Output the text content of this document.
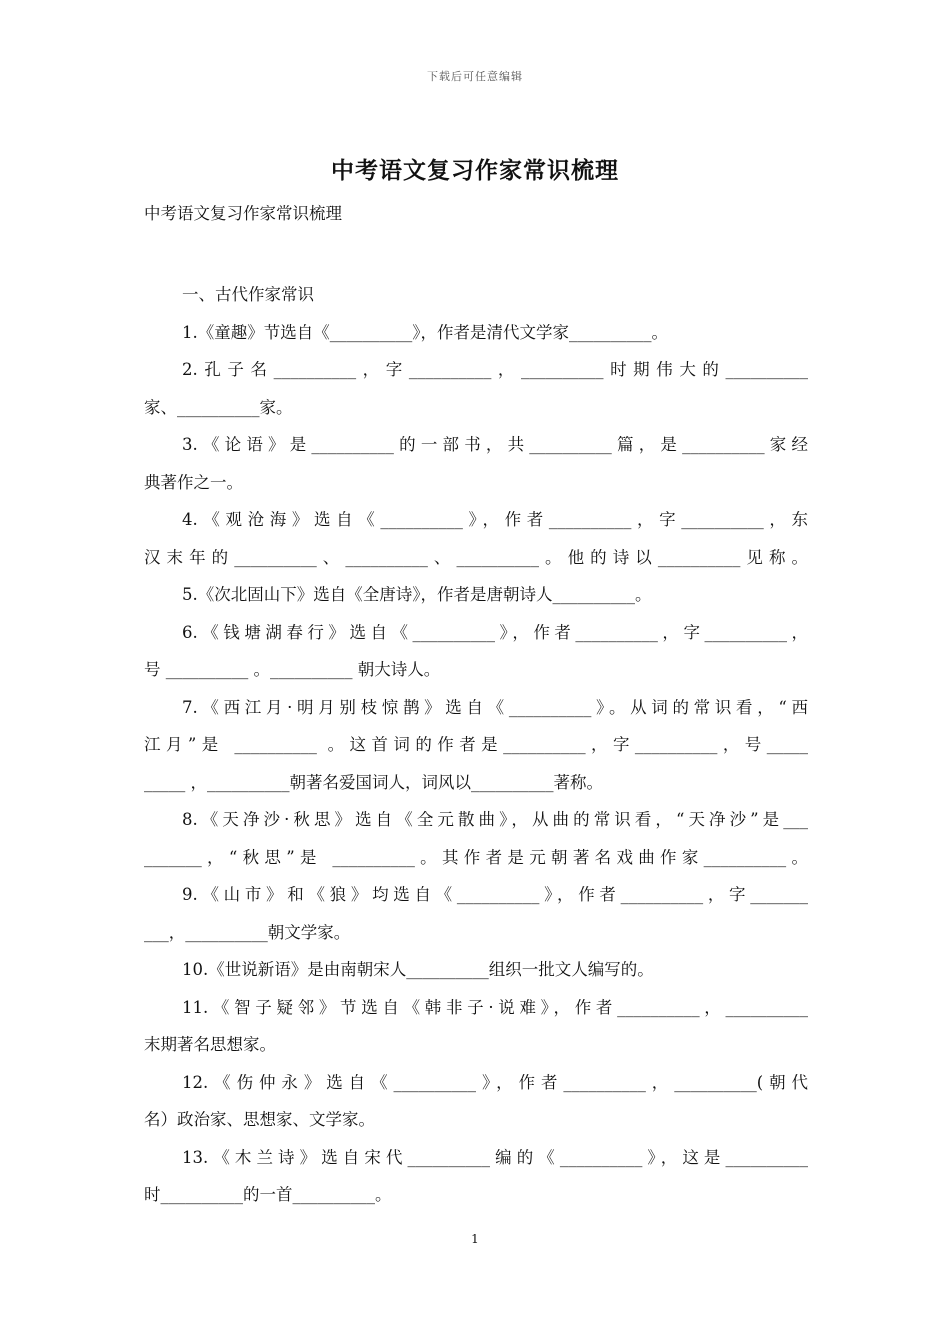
下载后可任意编辑
中考语文复习作家常识梳理
中考语文复习作家常识梳理
一、古代作家常识
1.《童趣》节选自《__________》，作者是清代文学家__________。
2.孔子名__________，字__________，__________时期伟大的__________
家、__________家。
3.《论语》是__________的一部书，共__________篇，是__________家经
典著作之一。
4.《观沧海》选自《__________》，作者__________，字__________，东
汉末年的__________、__________、__________。他的诗以__________见称。
5.《次北固山下》选自《全唐诗》，作者是唐朝诗人__________。
6.《钱塘湖春行》选自《__________》，作者__________，字__________，
号 __________ 。__________ 朝大诗人。
7.《西江月·明月别枝惊鹊》选自《__________》。从词的常识看，“西
江月”是 __________ 。这首词的作者是__________，字__________，号_____
_____ ，__________朝著名爱国词人，词风以__________著称。
8.《天净沙·秋思》选自《全元散曲》，从曲的常识看，“天净沙”是___
_______，“秋思”是 __________。其作者是元朝著名戏曲作家__________。
9.《山市》和《狼》均选自《__________》，作者__________，字_______
___，__________朝文学家。
10.《世说新语》是由南朝宋人__________组织一批文人编写的。
11.《智子疑邻》节选自《韩非子·说难》，作者__________，__________
末期著名思想家。
12.《伤仲永》选自《__________》，作者__________，__________(朝代
名）政治家、思想家、文学家。
13.《木兰诗》选自宋代__________编的《__________》，这是__________
时__________的一首__________。
1
